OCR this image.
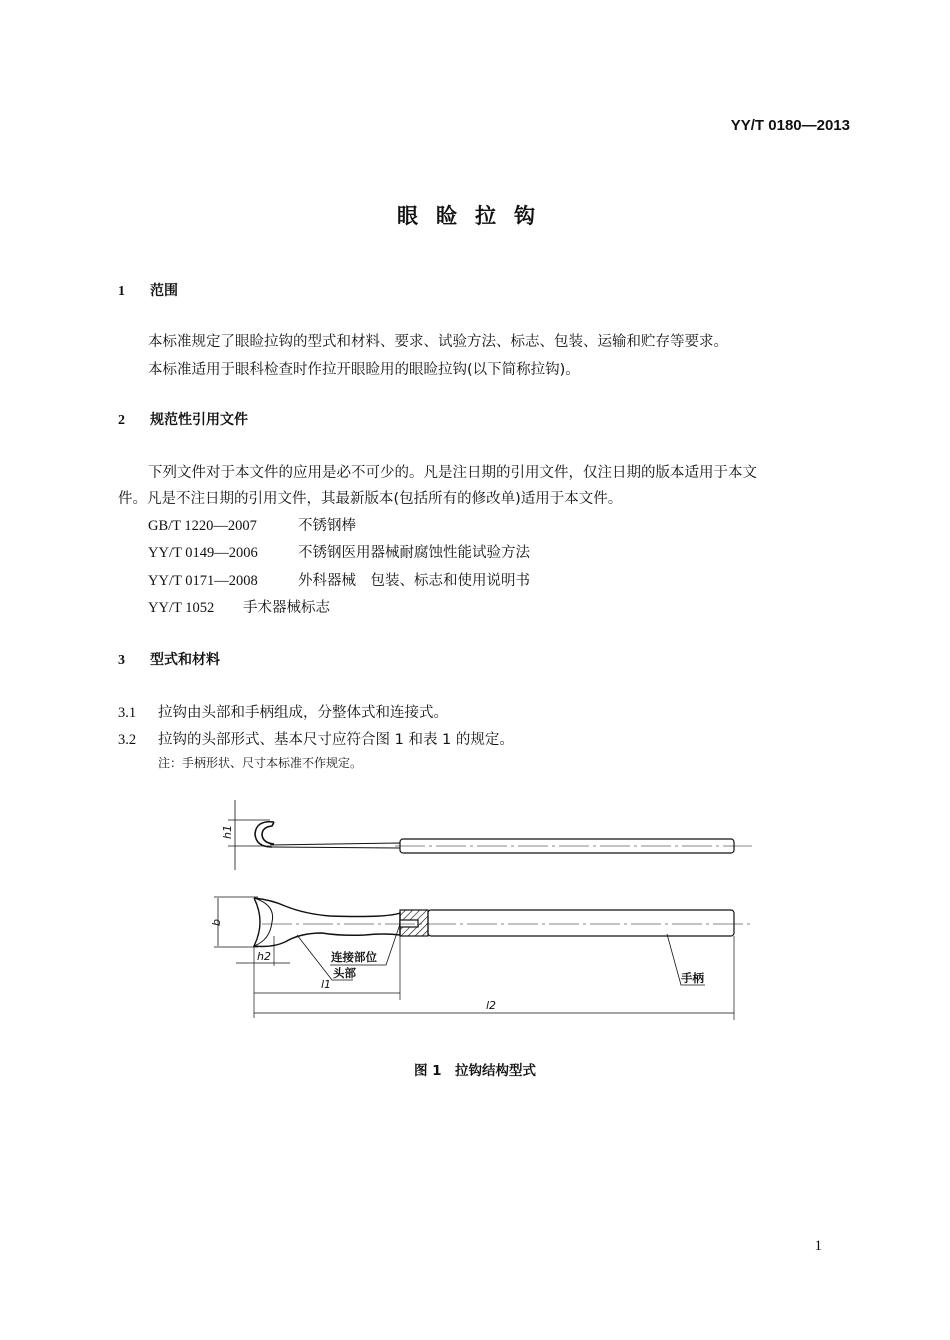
YY/T 0180—2013
眼睑拉钩
1 范围
本标准规定了眼睑拉钩的型式和材料、要求、试验方法、标志、包装、运输和贮存等要求。
本标准适用于眼科检查时作拉开眼睑用的眼睑拉钩(以下简称拉钩)。
2 规范性引用文件
下列文件对于本文件的应用是必不可少的。凡是注日期的引用文件，仅注日期的版本适用于本文
件。凡是不注日期的引用文件，其最新版本(包括所有的修改单)适用于本文件。
GB/T 1220—2007	不锈钢棒
YY/T 0149—2006	不锈钢医用器械耐腐蚀性能试验方法
YY/T 0171—2008	外科器械　包装、标志和使用说明书
YY/T 1052 手术器械标志
3 型式和材料
3.1 拉钩由头部和手柄组成，分整体式和连接式。
3.2 拉钩的头部形式、基本尺寸应符合图 1 和表 1 的规定。
注：手柄形状、尺寸本标准不作规定。
h1
b
h2
l1
l2
连接部位
头部	手柄
图 1　拉钩结构型式
1
